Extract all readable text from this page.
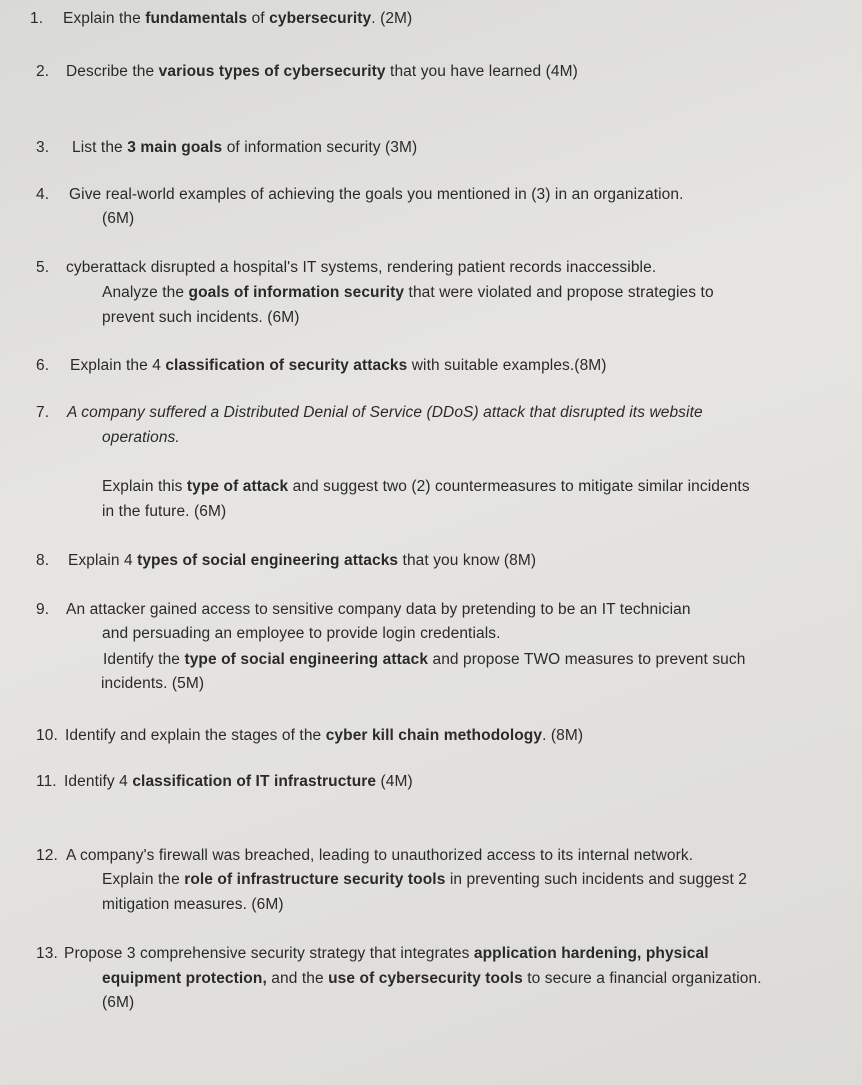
1. Explain the fundamentals of cybersecurity. (2M)
2. Describe the various types of cybersecurity that you have learned (4M)
3. List the 3 main goals of information security (3M)
4. Give real-world examples of achieving the goals you mentioned in (3) in an organization.
(6M)
5. cyberattack disrupted a hospital's IT systems, rendering patient records inaccessible.
Analyze the goals of information security that were violated and propose strategies to
prevent such incidents. (6M)
6. Explain the 4 classification of security attacks with suitable examples.(8M)
7. A company suffered a Distributed Denial of Service (DDoS) attack that disrupted its website
operations.
Explain this type of attack and suggest two (2) countermeasures to mitigate similar incidents
in the future. (6M)
8. Explain 4 types of social engineering attacks that you know (8M)
9. An attacker gained access to sensitive company data by pretending to be an IT technician
and persuading an employee to provide login credentials.
Identify the type of social engineering attack and propose TWO measures to prevent such
incidents. (5M)
10. Identify and explain the stages of the cyber kill chain methodology. (8M)
11. Identify 4 classification of IT infrastructure (4M)
12. A company's firewall was breached, leading to unauthorized access to its internal network.
Explain the role of infrastructure security tools in preventing such incidents and suggest 2
mitigation measures. (6M)
13. Propose 3 comprehensive security strategy that integrates application hardening, physical
equipment protection, and the use of cybersecurity tools to secure a financial organization.
(6M)
